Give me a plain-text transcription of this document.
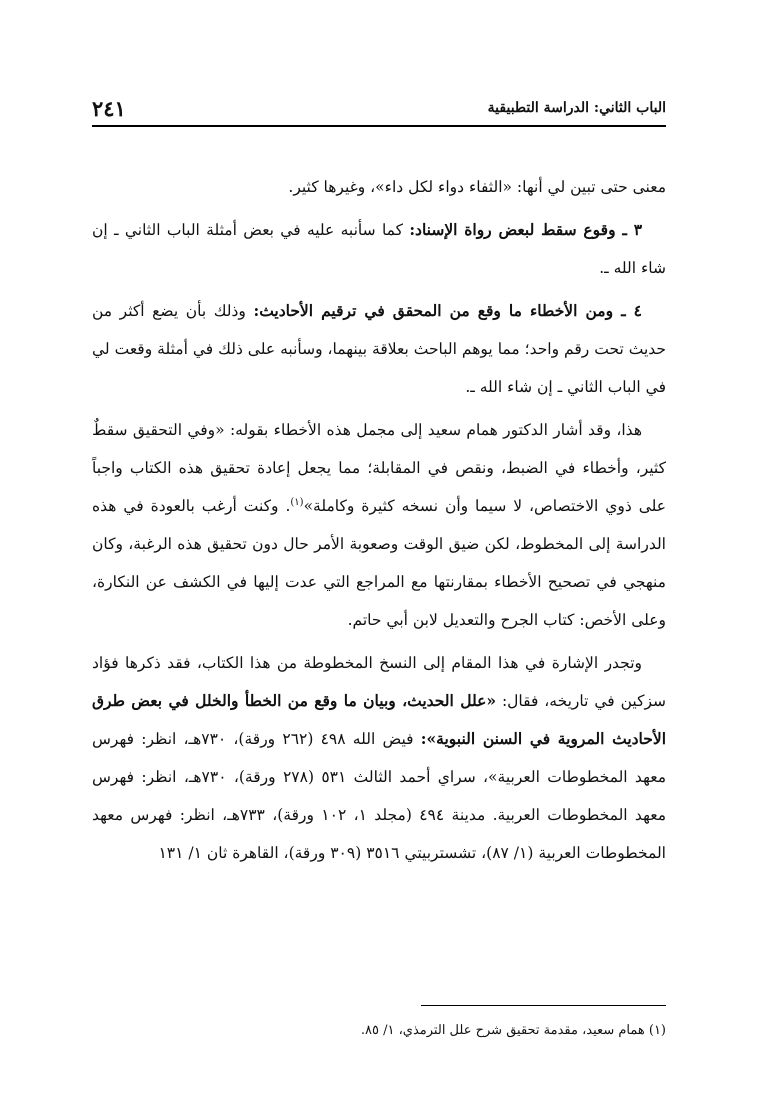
الباب الثاني: الدراسة التطبيقية
٢٤١

معنى حتى تبين لي أنها: «الثفاء دواء لكل داء»، وغيرها كثير.

٣ ـ وقوع سقط لبعض رواة الإسناد: كما سأنبه عليه في بعض أمثلة الباب الثاني ـ إن شاء الله ـ.

٤ ـ ومن الأخطاء ما وقع من المحقق في ترقيم الأحاديث: وذلك بأن يضع أكثر من حديث تحت رقم واحد؛ مما يوهم الباحث بعلاقة بينهما، وسأنبه على ذلك في أمثلة وقعت لي في الباب الثاني ـ إن شاء الله ـ.

هذا، وقد أشار الدكتور همام سعيد إلى مجمل هذه الأخطاء بقوله: «وفي التحقيق سقطٌ كثير، وأخطاء في الضبط، ونقص في المقابلة؛ مما يجعل إعادة تحقيق هذه الكتاب واجباً على ذوي الاختصاص، لا سيما وأن نسخه كثيرة وكاملة»$^{(١)}$. وكنت أرغب بالعودة في هذه الدراسة إلى المخطوط، لكن ضيق الوقت وصعوبة الأمر حال دون تحقيق هذه الرغبة، وكان منهجي في تصحيح الأخطاء بمقارنتها مع المراجع التي عدت إليها في الكشف عن النكارة، وعلى الأخص: كتاب الجرح والتعديل لابن أبي حاتم.

وتجدر الإشارة في هذا المقام إلى النسخ المخطوطة من هذا الكتاب، فقد ذكرها فؤاد سزكين في تاريخه، فقال: «علل الحديث، وبيان ما وقع من الخطأ والخلل في بعض طرق الأحاديث المروية في السنن النبوية»: فيض الله ٤٩٨ (٢٦٢ ورقة)، ٧٣٠هـ، انظر: فهرس معهد المخطوطات العربية»، سراي أحمد الثالث ٥٣١ (٢٧٨ ورقة)، ٧٣٠هـ، انظر: فهرس معهد المخطوطات العربية. مدينة ٤٩٤ (مجلد ١، ١٠٢ ورقة)، ٧٣٣هـ، انظر: فهرس معهد المخطوطات العربية (١/ ٨٧)، تشستربيتي ٣٥١٦ (٣٠٩ ورقة)، القاهرة ثان ١/ ١٣١

(١) همام سعيد، مقدمة تحقيق شرح علل الترمذي، ١/ ٨٥.
